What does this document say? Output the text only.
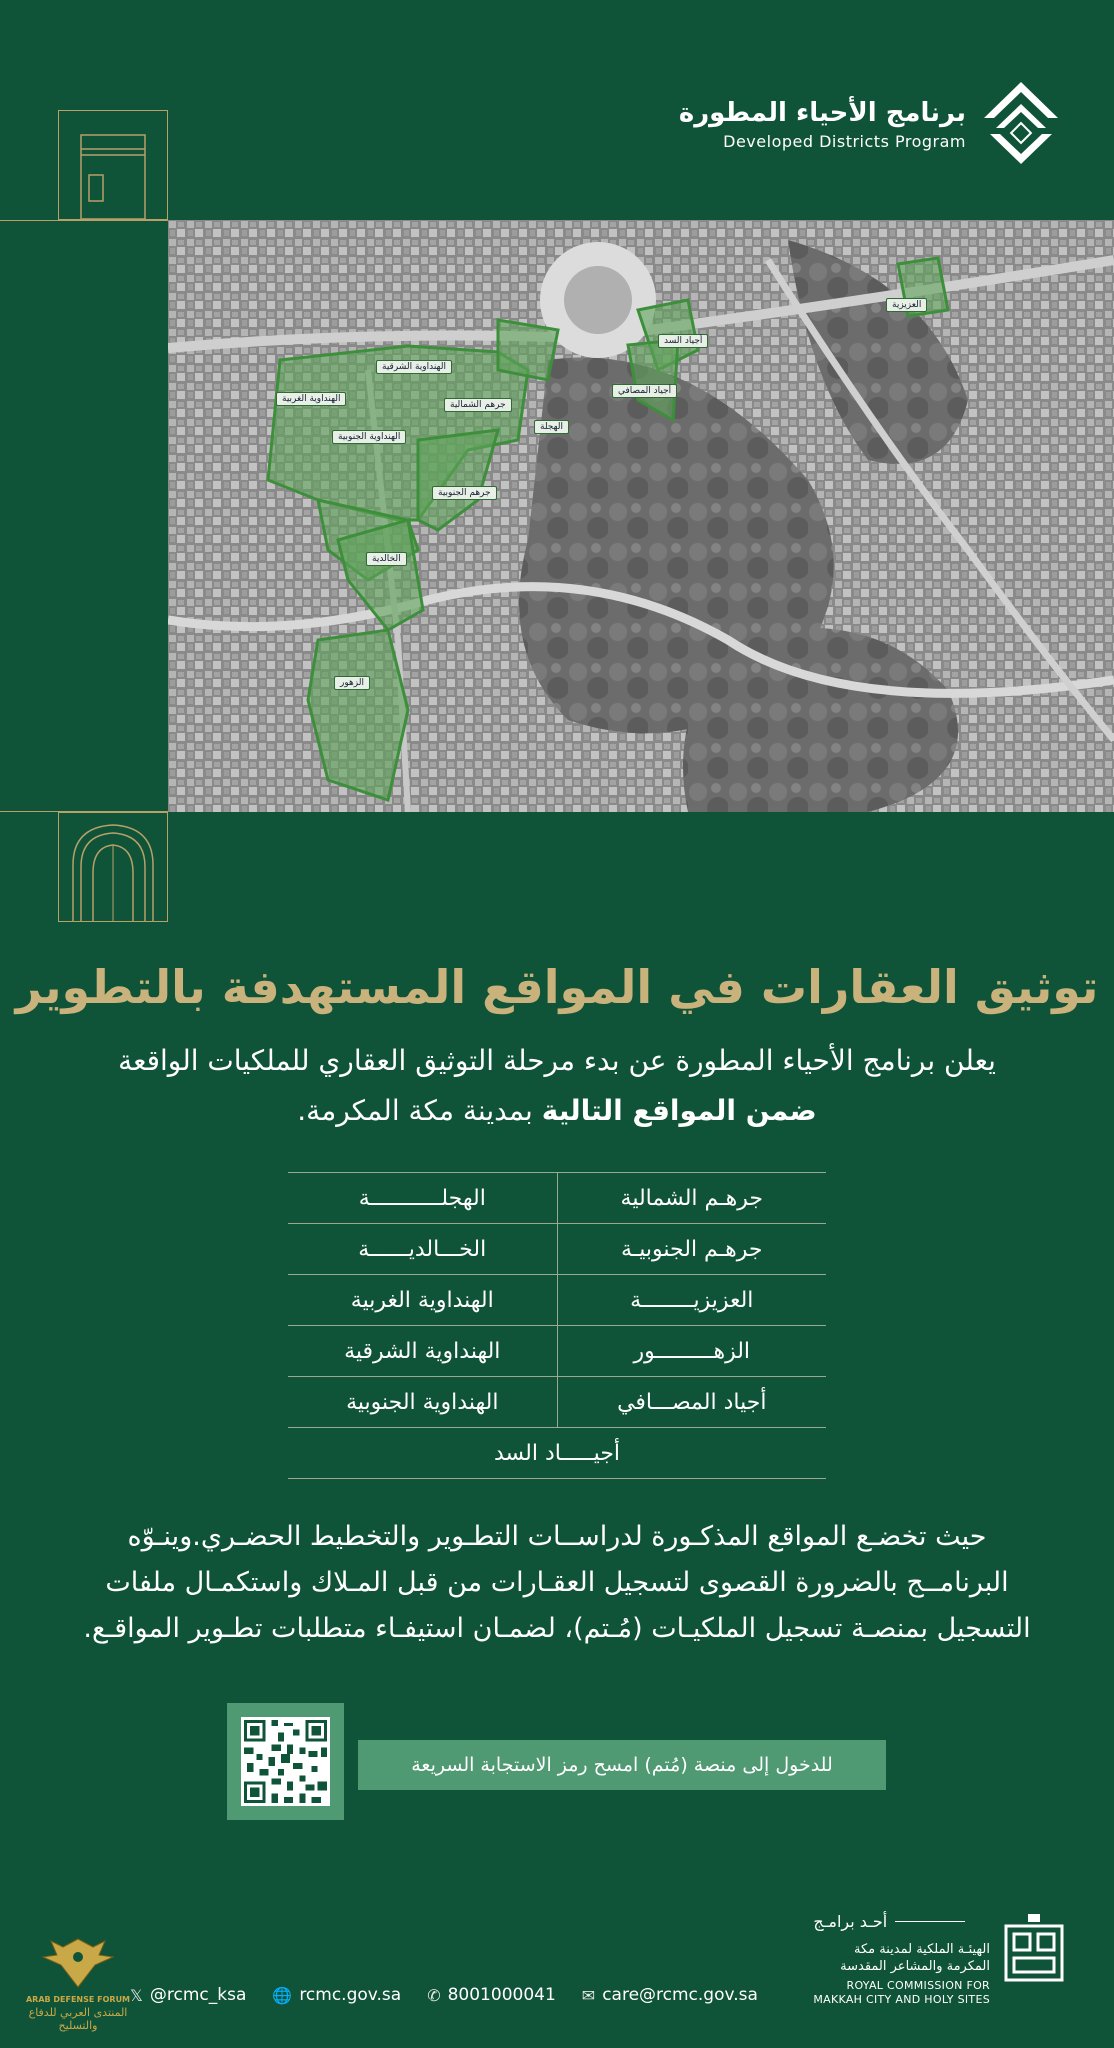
برنامج الأحياء المطورة
Developed Districts Program
العزيزية
أجياد السد
أجياد المصافي
الهنداوية الشرقية
الهنداوية الغربية
جرهم الشمالية
الهجلة
الهنداوية الجنوبية
جرهم الجنوبية
الخالدية
الزهور
توثيق العقارات في المواقع المستهدفة بالتطوير
يعلن برنامج الأحياء المطورة عن بدء مرحلة التوثيق العقاري للملكيات الواقعة
ضمن المواقع التالية بمدينة مكة المكرمة.
جرهـم الشمالية
الهجلـــــــــــة
جرهـم الجنوبيـة
الخـــالديــــــة
العزيزيــــــــة
الهنداوية الغربية
الزهـــــــــور
الهنداوية الشرقية
أجياد المصـــافي
الهنداوية الجنوبية
أجيـــــاد السد
حيث تخضـع المواقع المذكـورة لدراســات التطـوير والتخطيط الحضـري.وينـوّه
البرنامــج بالضرورة القصوى لتسجيل العقـارات من قبل المـلاك واستكمـال ملفات
التسجيل بمنصـة تسجيل الملكيـات (مُـتم)، لضمـان استيفـاء متطلبات تطـوير المواقـع.
للدخول إلى منصة (مُتم) امسح رمز الاستجابة السريعة
𝕏 @rcmc_ksa 🌐 rcmc.gov.sa ✆ 8001000041 ✉ care@rcmc.gov.sa
أحـد برامـج
الهيئـة الملكية لمدينة مكة
المكرمة والمشاعر المقدسة
ROYAL COMMISSION FOR
MAKKAH CITY AND HOLY SITES
ARAB DEFENSE FORUM
المنتدى العربي للدفاع والتسليح
